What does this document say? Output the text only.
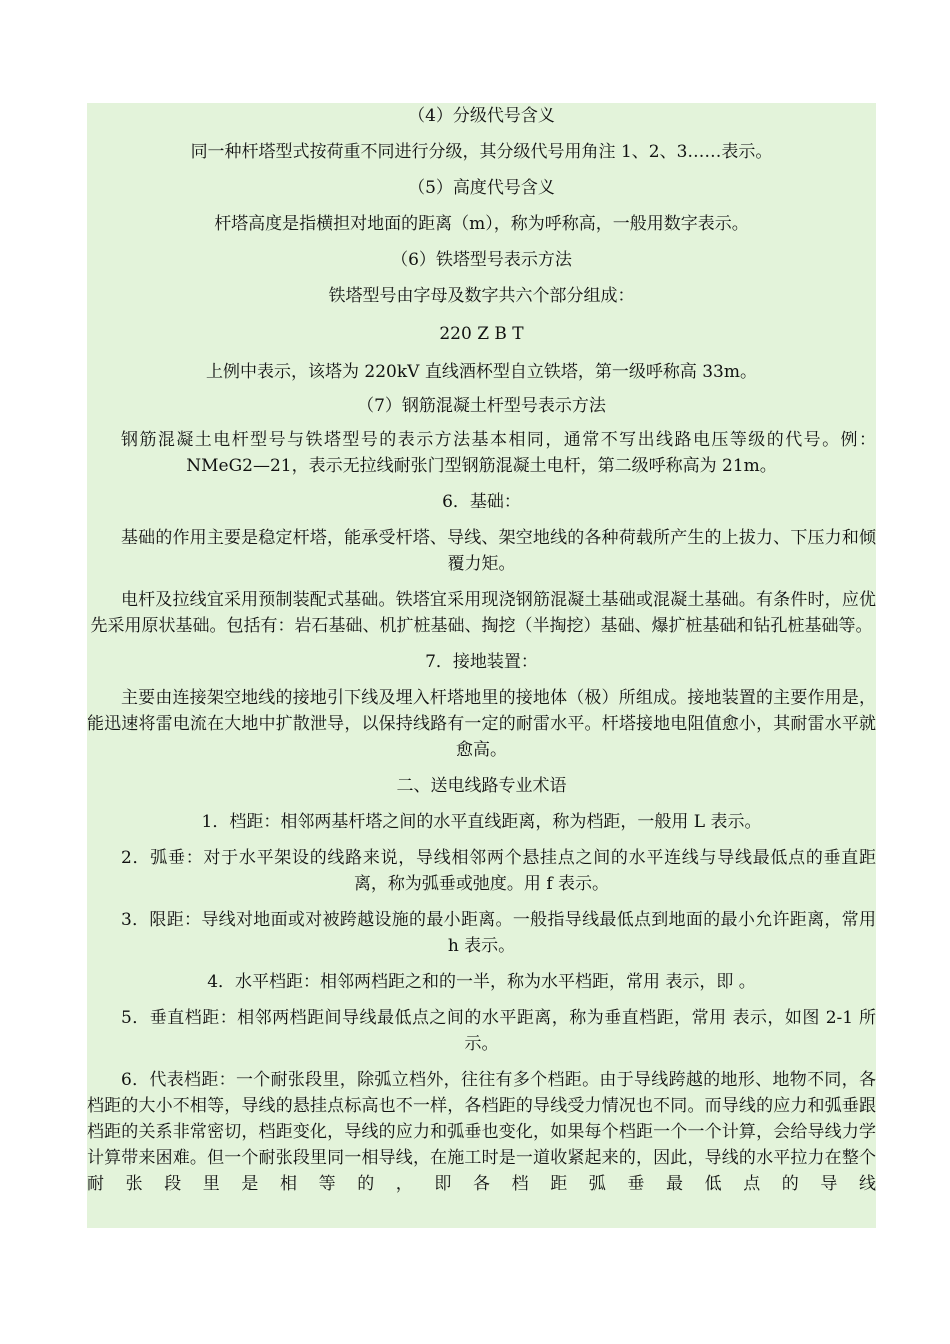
（4）分级代号含义

同一种杆塔型式按荷重不同进行分级，其分级代号用角注 1、2、3……表示。

（5）高度代号含义

杆塔高度是指横担对地面的距离（m），称为呼称高，一般用数字表示。

（6）铁塔型号表示方法

铁塔型号由字母及数字共六个部分组成：

220 Z B T

上例中表示，该塔为 220kV 直线酒杯型自立铁塔，第一级呼称高 33m。

（7）钢筋混凝土杆型号表示方法

钢筋混凝土电杆型号与铁塔型号的表示方法基本相同，通常不写出线路电压等级的代号。例：NMeG2—21，表示无拉线耐张门型钢筋混凝土电杆，第二级呼称高为 21m。

6．基础：

基础的作用主要是稳定杆塔，能承受杆塔、导线、架空地线的各种荷载所产生的上拔力、下压力和倾覆力矩。

电杆及拉线宜采用预制装配式基础。铁塔宜采用现浇钢筋混凝土基础或混凝土基础。有条件时，应优先采用原状基础。包括有：岩石基础、机扩桩基础、掏挖（半掏挖）基础、爆扩桩基础和钻孔桩基础等。

7．接地装置：

主要由连接架空地线的接地引下线及埋入杆塔地里的接地体（极）所组成。接地装置的主要作用是，能迅速将雷电流在大地中扩散泄导，以保持线路有一定的耐雷水平。杆塔接地电阻值愈小，其耐雷水平就愈高。

二、送电线路专业术语

1．档距：相邻两基杆塔之间的水平直线距离，称为档距，一般用 L 表示。

2．弧垂：对于水平架设的线路来说，导线相邻两个悬挂点之间的水平连线与导线最低点的垂直距离，称为弧垂或弛度。用 f 表示。

3．限距：导线对地面或对被跨越设施的最小距离。一般指导线最低点到地面的最小允许距离，常用 h 表示。

4．水平档距：相邻两档距之和的一半，称为水平档距，常用 表示，即 。

5．垂直档距：相邻两档距间导线最低点之间的水平距离，称为垂直档距，常用 表示，如图 2-1 所示。

6．代表档距：一个耐张段里，除弧立档外，往往有多个档距。由于导线跨越的地形、地物不同，各档距的大小不相等，导线的悬挂点标高也不一样，各档距的导线受力情况也不同。而导线的应力和弧垂跟档距的关系非常密切，档距变化，导线的应力和弧垂也变化，如果每个档距一个一个计算，会给导线力学计算带来困难。但一个耐张段里同一相导线，在施工时是一道收紧起来的，因此，导线的水平拉力在整个耐张段里是相等的，即各档距弧垂最低点的导线
